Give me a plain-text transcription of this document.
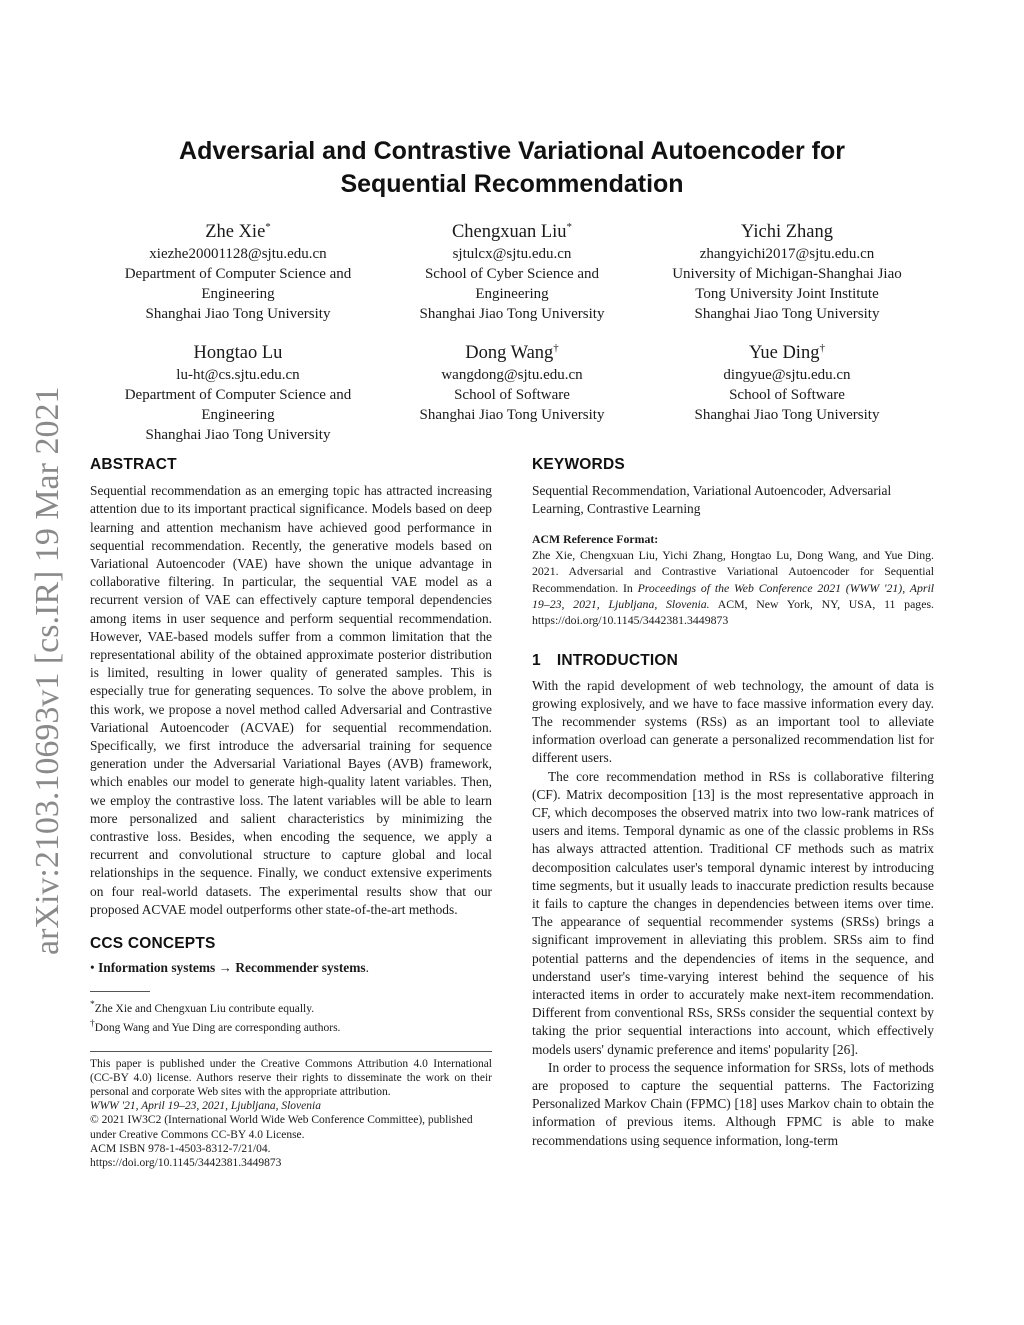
arXiv:2103.10693v1 [cs.IR] 19 Mar 2021
Adversarial and Contrastive Variational Autoencoder for
Sequential Recommendation
Zhe Xie*
xiezhe20001128@sjtu.edu.cn
Department of Computer Science and
Engineering
Shanghai Jiao Tong University
Chengxuan Liu*
sjtulcx@sjtu.edu.cn
School of Cyber Science and
Engineering
Shanghai Jiao Tong University
Yichi Zhang
zhangyichi2017@sjtu.edu.cn
University of Michigan-Shanghai Jiao
Tong University Joint Institute
Shanghai Jiao Tong University
Hongtao Lu
lu-ht@cs.sjtu.edu.cn
Department of Computer Science and
Engineering
Shanghai Jiao Tong University
Dong Wang†
wangdong@sjtu.edu.cn
School of Software
Shanghai Jiao Tong University
Yue Ding†
dingyue@sjtu.edu.cn
School of Software
Shanghai Jiao Tong University
ABSTRACT
Sequential recommendation as an emerging topic has attracted increasing attention due to its important practical significance. Models based on deep learning and attention mechanism have achieved good performance in sequential recommendation. Recently, the generative models based on Variational Autoencoder (VAE) have shown the unique advantage in collaborative filtering. In particular, the sequential VAE model as a recurrent version of VAE can effectively capture temporal dependencies among items in user sequence and perform sequential recommendation. However, VAE-based models suffer from a common limitation that the representational ability of the obtained approximate posterior distribution is limited, resulting in lower quality of generated samples. This is especially true for generating sequences. To solve the above problem, in this work, we propose a novel method called Adversarial and Contrastive Variational Autoencoder (ACVAE) for sequential recommendation. Specifically, we first introduce the adversarial training for sequence generation under the Adversarial Variational Bayes (AVB) framework, which enables our model to generate high-quality latent variables. Then, we employ the contrastive loss. The latent variables will be able to learn more personalized and salient characteristics by minimizing the contrastive loss. Besides, when encoding the sequence, we apply a recurrent and convolutional structure to capture global and local relationships in the sequence. Finally, we conduct extensive experiments on four real-world datasets. The experimental results show that our proposed ACVAE model outperforms other state-of-the-art methods.
CCS CONCEPTS
• Information systems → Recommender systems.
*Zhe Xie and Chengxuan Liu contribute equally.
†Dong Wang and Yue Ding are corresponding authors.
This paper is published under the Creative Commons Attribution 4.0 International (CC-BY 4.0) license. Authors reserve their rights to disseminate the work on their personal and corporate Web sites with the appropriate attribution.
WWW '21, April 19–23, 2021, Ljubljana, Slovenia
© 2021 IW3C2 (International World Wide Web Conference Committee), published under Creative Commons CC-BY 4.0 License.
ACM ISBN 978-1-4503-8312-7/21/04.
https://doi.org/10.1145/3442381.3449873
KEYWORDS
Sequential Recommendation, Variational Autoencoder, Adversarial Learning, Contrastive Learning
ACM Reference Format:
Zhe Xie, Chengxuan Liu, Yichi Zhang, Hongtao Lu, Dong Wang, and Yue Ding. 2021. Adversarial and Contrastive Variational Autoencoder for Sequential Recommendation. In Proceedings of the Web Conference 2021 (WWW '21), April 19–23, 2021, Ljubljana, Slovenia. ACM, New York, NY, USA, 11 pages. https://doi.org/10.1145/3442381.3449873
1 INTRODUCTION
With the rapid development of web technology, the amount of data is growing explosively, and we have to face massive information every day. The recommender systems (RSs) as an important tool to alleviate information overload can generate a personalized recommendation list for different users.
The core recommendation method in RSs is collaborative filtering (CF). Matrix decomposition [13] is the most representative approach in CF, which decomposes the observed matrix into two low-rank matrices of users and items. Temporal dynamic as one of the classic problems in RSs has always attracted attention. Traditional CF methods such as matrix decomposition calculates user's temporal dynamic interest by introducing time segments, but it usually leads to inaccurate prediction results because it fails to capture the changes in dependencies between items over time. The appearance of sequential recommender systems (SRSs) brings a significant improvement in alleviating this problem. SRSs aim to find potential patterns and the dependencies of items in the sequence, and understand user's time-varying interest behind the sequence of his interacted items in order to accurately make next-item recommendation. Different from conventional RSs, SRSs consider the sequential context by taking the prior sequential interactions into account, which effectively models users' dynamic preference and items' popularity [26].
In order to process the sequence information for SRSs, lots of methods are proposed to capture the sequential patterns. The Factorizing Personalized Markov Chain (FPMC) [18] uses Markov chain to obtain the information of previous items. Although FPMC is able to make recommendations using sequence information, long-term
